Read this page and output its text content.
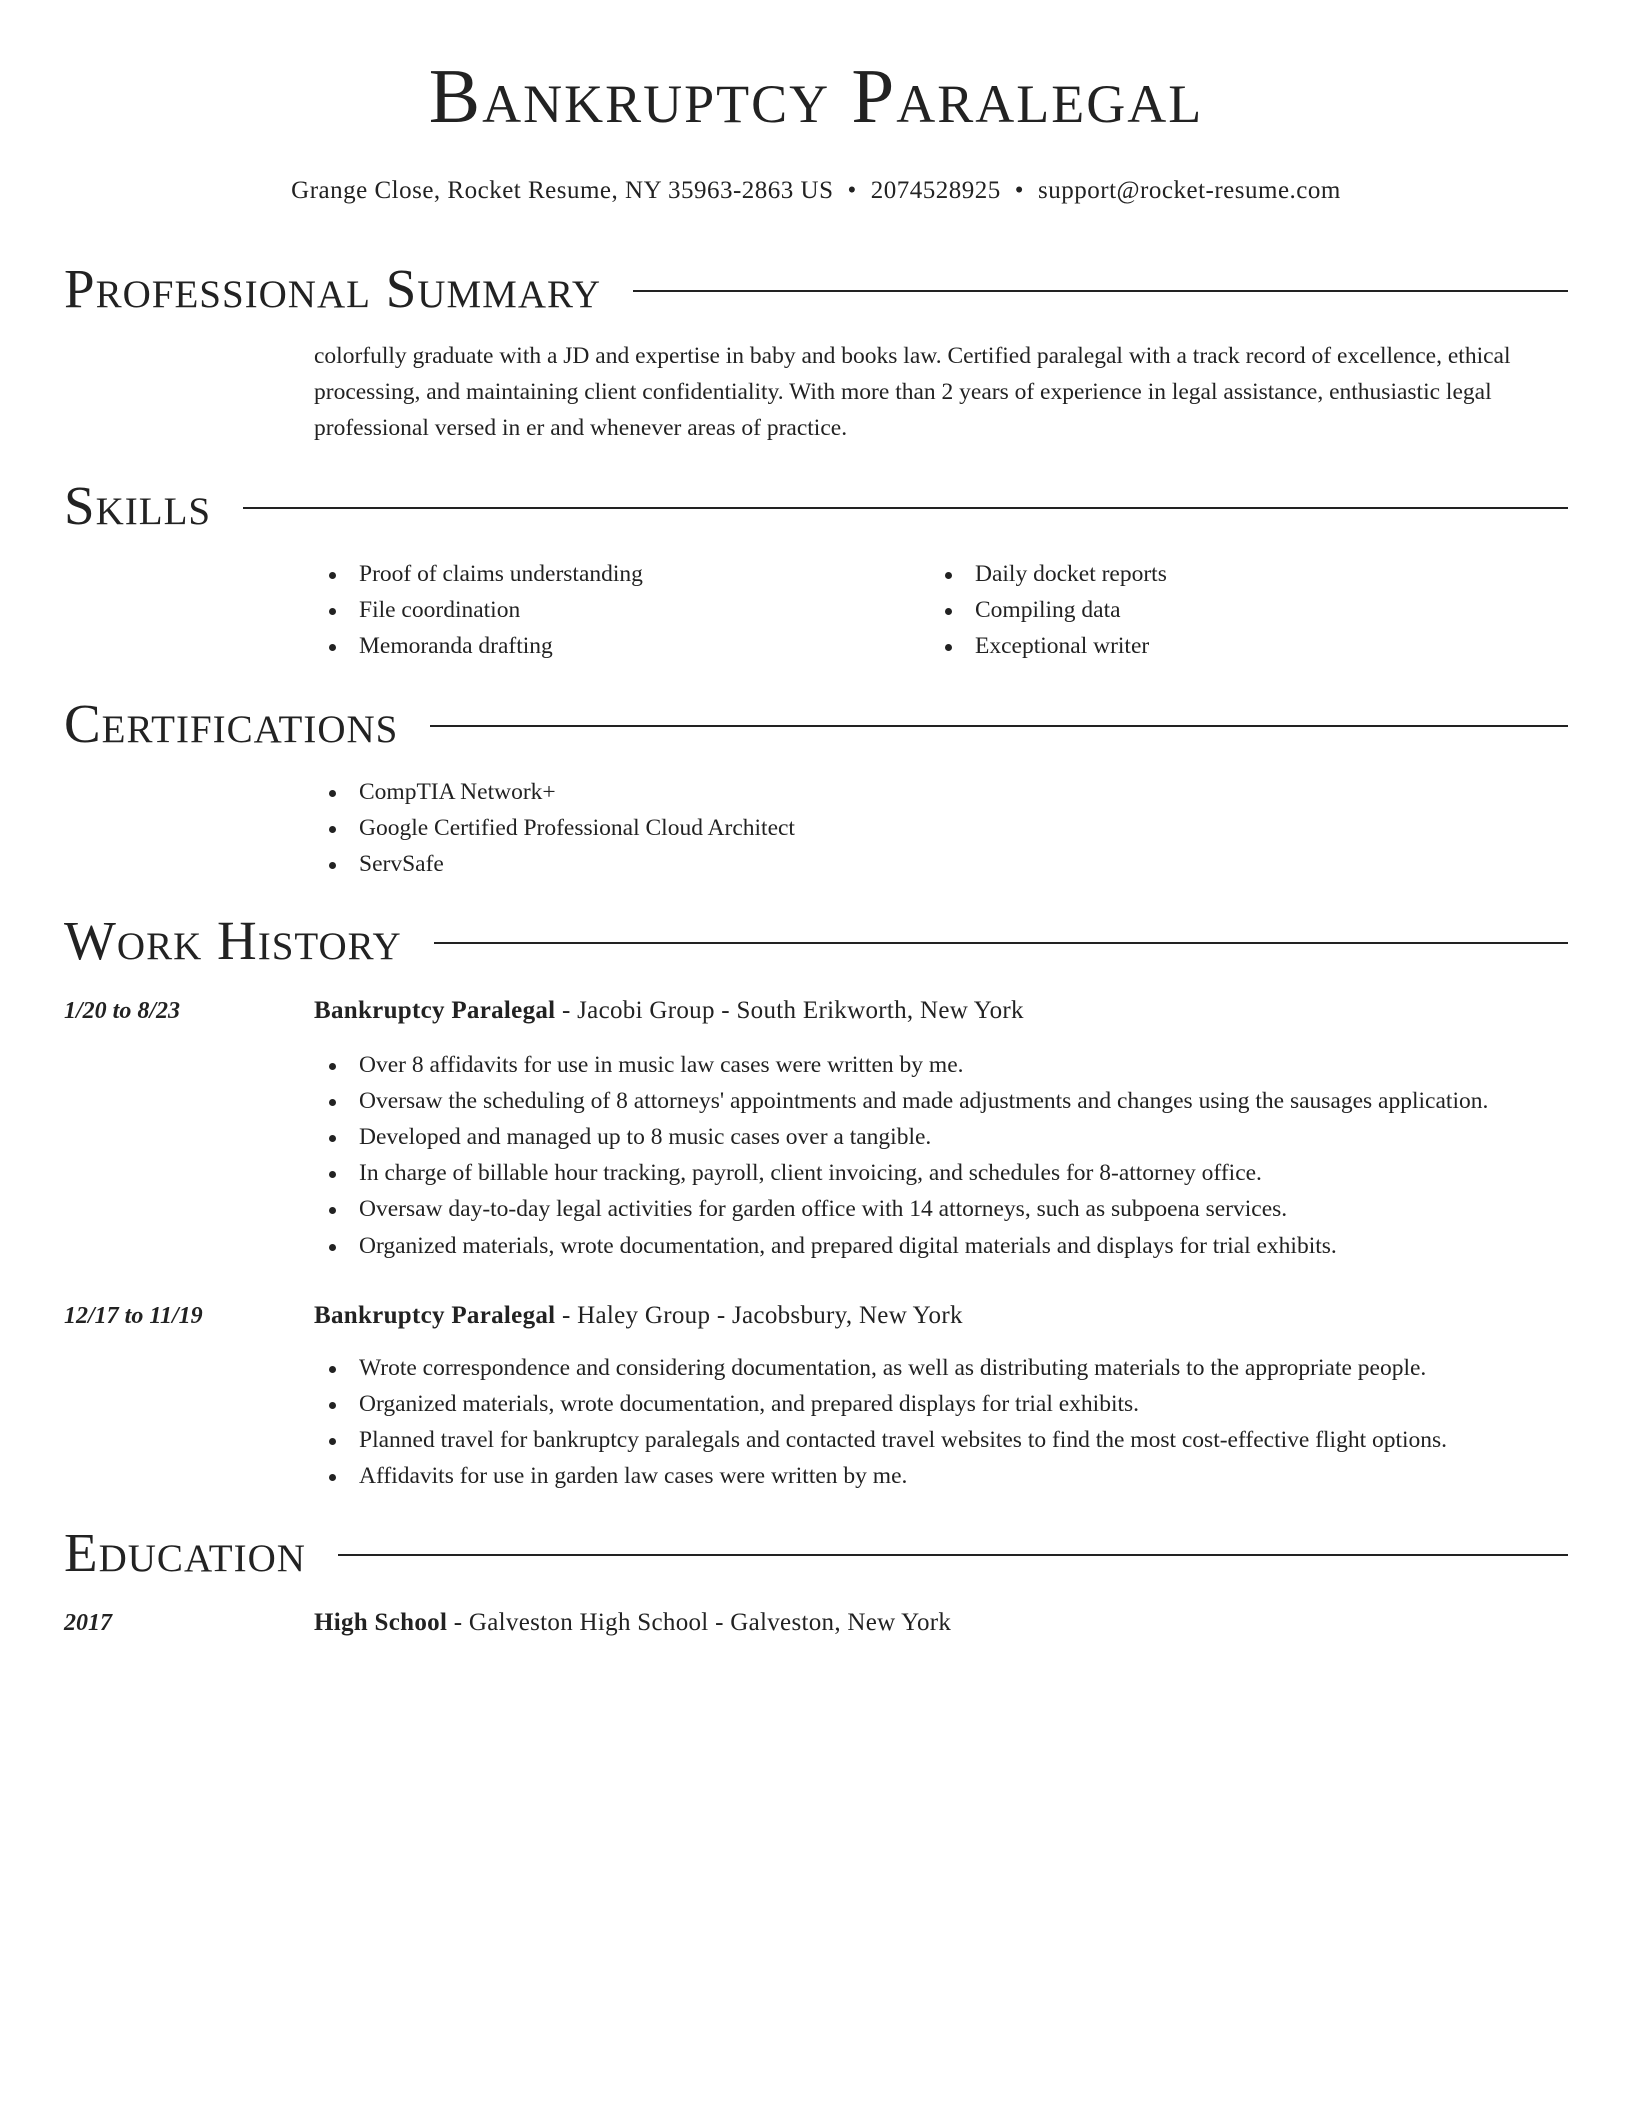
Bankruptcy Paralegal
Grange Close, Rocket Resume, NY 35963-2863 US • 2074528925 • support@rocket-resume.com
Professional Summary

colorfully graduate with a JD and expertise in baby and books law. Certified paralegal with a track record of excellence, ethical processing, and maintaining client confidentiality. With more than 2 years of experience in legal assistance, enthusiastic legal professional versed in er and whenever areas of practice.

Skills
Proof of claims understanding
File coordination
Memoranda drafting
Daily docket reports
Compiling data
Exceptional writer
Certifications
CompTIA Network+
Google Certified Professional Cloud Architect
ServSafe
Work History
1/20 to 8/23	Bankruptcy Paralegal - Jacobi Group - South Erikworth, New York
Over 8 affidavits for use in music law cases were written by me.
Oversaw the scheduling of 8 attorneys' appointments and made adjustments and changes using the sausages application.
Developed and managed up to 8 music cases over a tangible.
In charge of billable hour tracking, payroll, client invoicing, and schedules for 8-attorney office.
Oversaw day-to-day legal activities for garden office with 14 attorneys, such as subpoena services.
Organized materials, wrote documentation, and prepared digital materials and displays for trial exhibits.
12/17 to 11/19	Bankruptcy Paralegal - Haley Group - Jacobsbury, New York
Wrote correspondence and considering documentation, as well as distributing materials to the appropriate people.
Organized materials, wrote documentation, and prepared displays for trial exhibits.
Planned travel for bankruptcy paralegals and contacted travel websites to find the most cost-effective flight options.
Affidavits for use in garden law cases were written by me.
Education
2017	High School - Galveston High School - Galveston, New York
